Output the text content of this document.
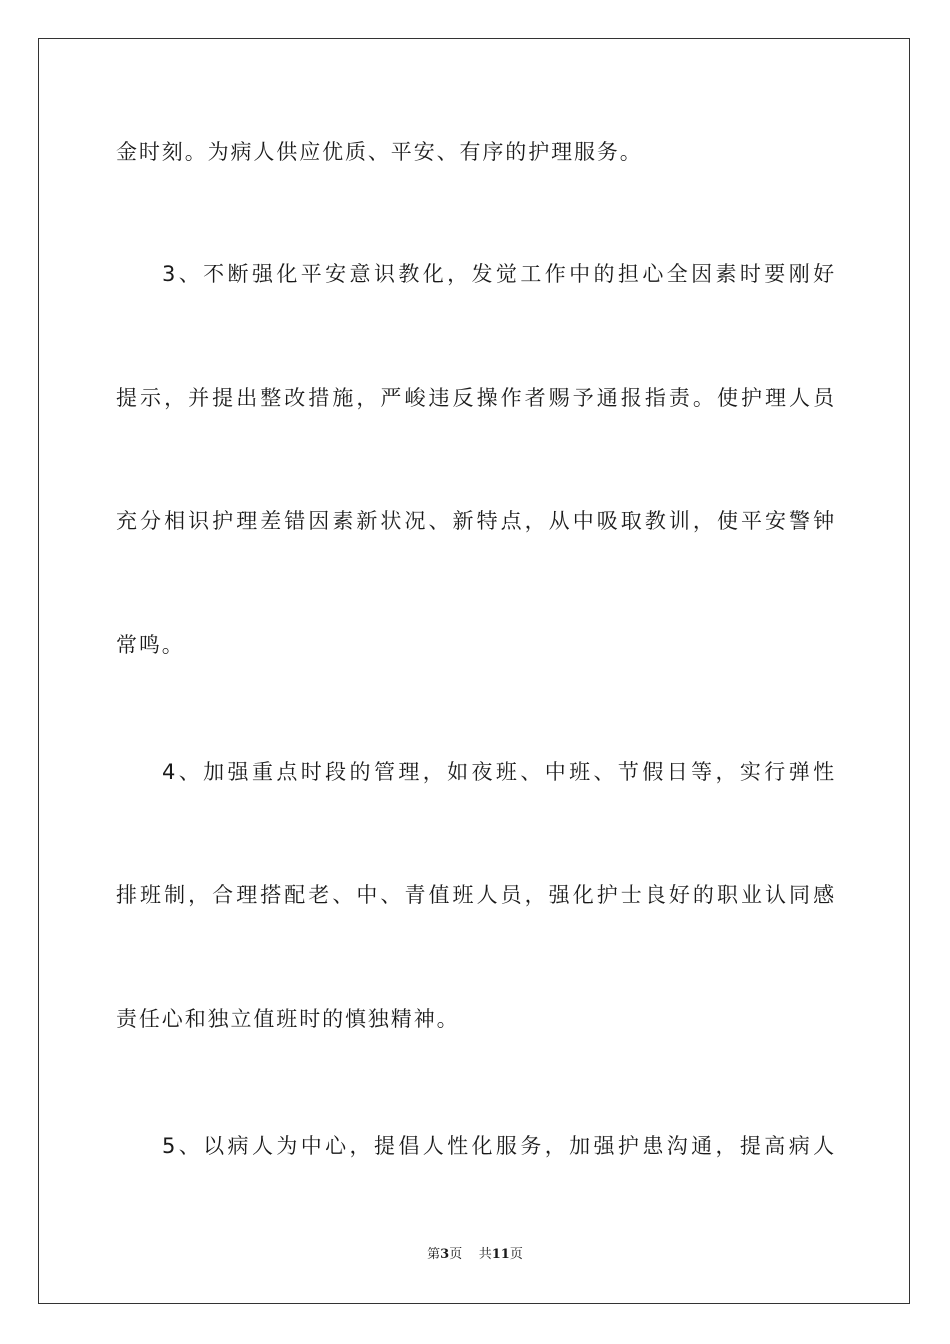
金时刻。为病人供应优质、平安、有序的护理服务。
3、不断强化平安意识教化，发觉工作中的担心全因素时要刚好
提示，并提出整改措施，严峻违反操作者赐予通报指责。使护理人员
充分相识护理差错因素新状况、新特点，从中吸取教训，使平安警钟
常鸣。
4、加强重点时段的管理，如夜班、中班、节假日等，实行弹性
排班制，合理搭配老、中、青值班人员，强化护士良好的职业认同感
责任心和独立值班时的慎独精神。
5、以病人为中心，提倡人性化服务，加强护患沟通，提高病人
第3页 共11页
